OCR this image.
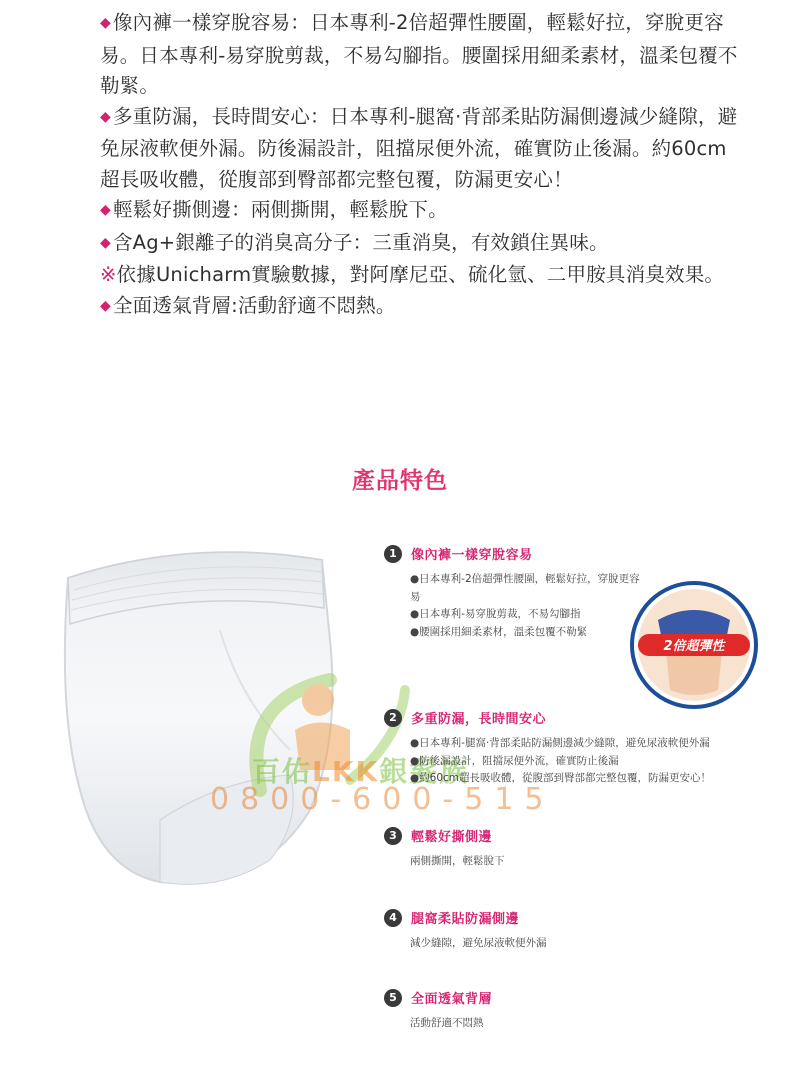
◆ 像內褲一樣穿脫容易：日本專利-2倍超彈性腰圍，輕鬆好拉，穿脫更容易。日本專利-易穿脫剪裁，不易勾腳指。腰圍採用細柔素材，溫柔包覆不勒緊。

◆ 多重防漏，長時間安心：日本專利-腿窩·背部柔貼防漏側邊減少縫隙，避免尿液軟便外漏。防後漏設計，阻擋尿便外流，確實防止後漏。約60cm超長吸收體，從腹部到臀部都完整包覆，防漏更安心！

◆ 輕鬆好撕側邊：兩側撕開，輕鬆脫下。

◆ 含Ag+銀離子的消臭高分子：三重消臭，有效鎖住異味。

※依據Unicharm實驗數據，對阿摩尼亞、硫化氫、二甲胺具消臭效果。

◆ 全面透氣背層:活動舒適不悶熱。

產品特色
百佑LKK銀髮族
0800-600-515
2倍超彈性
1	像內褲一樣穿脫容易

●日本專利-2倍超彈性腰圍，輕鬆好拉，穿脫更容

易

●日本專利-易穿脫剪裁，不易勾腳指

●腰圍採用細柔素材，溫柔包覆不勒緊

2	多重防漏，長時間安心

●日本專利-腿窩·背部柔貼防漏側邊減少縫隙，避免尿液軟便外漏

●防後漏設計，阻擋尿便外流，確實防止後漏

●約60cm超長吸收體，從腹部到臀部都完整包覆，防漏更安心！

3	輕鬆好撕側邊

兩側撕開，輕鬆脫下

4	腿窩柔貼防漏側邊

減少縫隙，避免尿液軟便外漏

5	全面透氣背層

活動舒適不悶熱
